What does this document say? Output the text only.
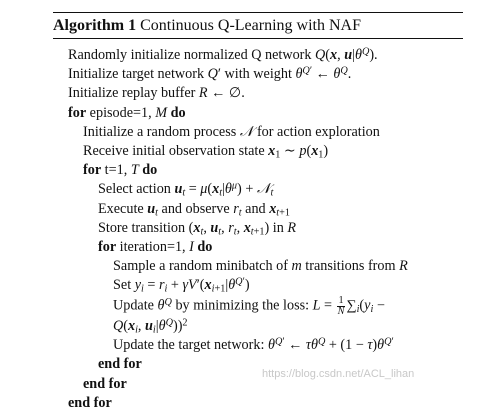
Algorithm 1 Continuous Q-Learning with NAF
Randomly initialize normalized Q network Q(x, $u|\theta^Q$).
Initialize target network Q′ with weight $\theta^{Q'}$ ← $\theta^Q$.
Initialize replay buffer R ← ∅.
for episode=1, M do
Initialize a random process 𝒩 for action exploration
Receive initial observation state $x_1$ ∼ $p(x_1)$
for t=1, T do
Select action $u_t = \mu(x_t|\theta^\mu)$ + 𝒩$_t$
Execute $u_t$ and observe $r_t$ and $x_{t+1}$
Store transition ($x_t$, $u_t$, $r_t$, $x_{t+1}$) in R
for iteration=1, I do
Sample a random minibatch of m transitions from R
Set $y_i = r_i + \gamma V'(x_{i+1}|\theta^{Q'})$
Update $\theta^Q$ by minimizing the loss: $L = \frac{1}{N} \sum_i(y_i$ −
$Q(x_i$, $u_i|\theta^Q))^2$
Update the target network: $\theta^{Q'}$ ← $\tau\theta^Q + (1 - \tau)\theta^{Q'}$
end for
end for
end for
https://blog.csdn.net/ACL_lihan
